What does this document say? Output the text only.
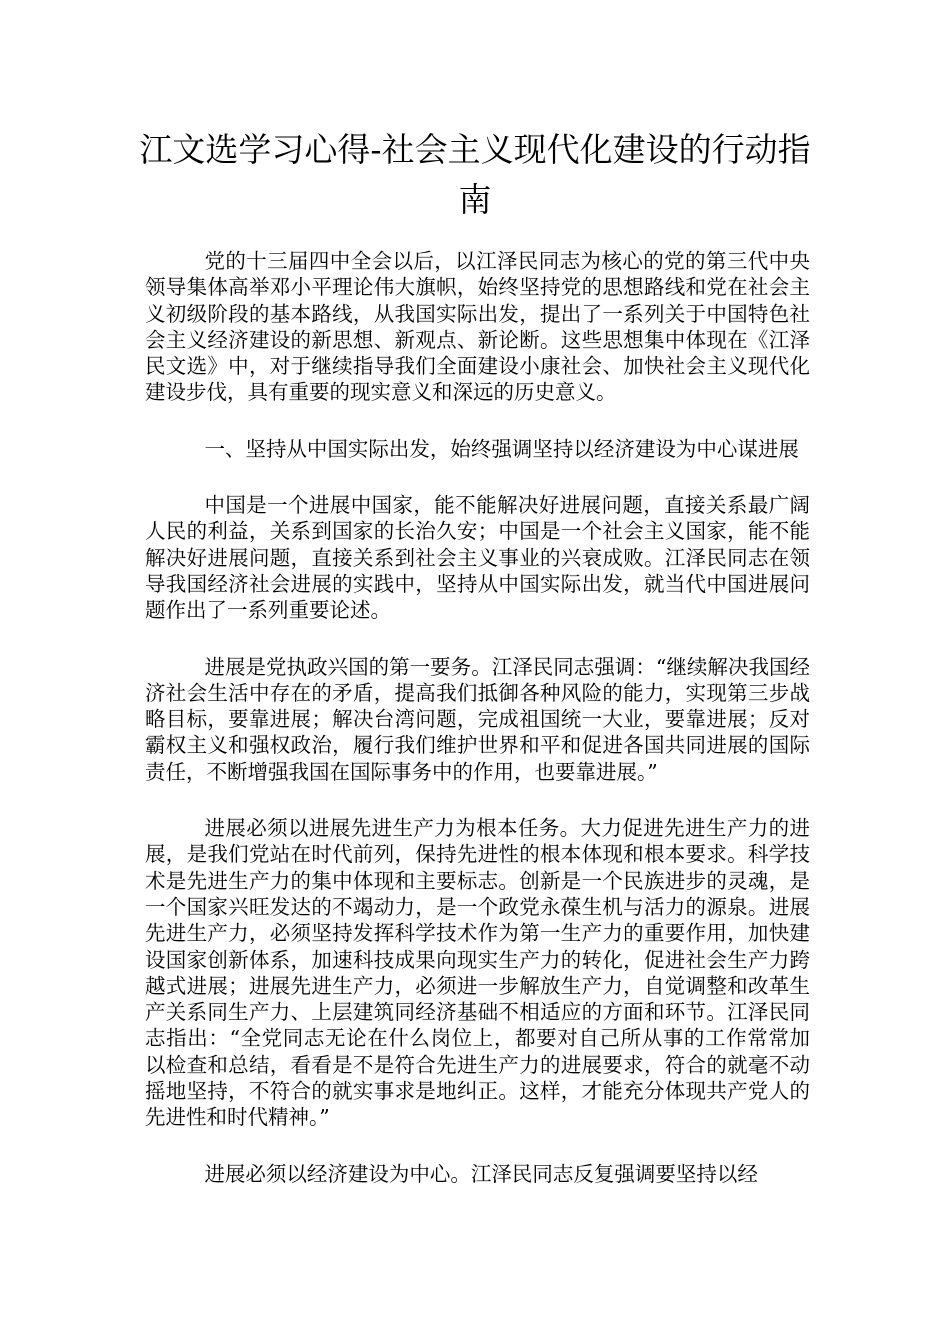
江文选学习心得-社会主义现代化建设的行动指南

党的十三届四中全会以后，以江泽民同志为核心的党的第三代中央领导集体高举邓小平理论伟大旗帜，始终坚持党的思想路线和党在社会主义初级阶段的基本路线，从我国实际出发，提出了一系列关于中国特色社会主义经济建设的新思想、新观点、新论断。这些思想集中体现在《江泽民文选》中，对于继续指导我们全面建设小康社会、加快社会主义现代化建设步伐，具有重要的现实意义和深远的历史意义。

一、坚持从中国实际出发，始终强调坚持以经济建设为中心谋进展

中国是一个进展中国家，能不能解决好进展问题，直接关系最广阔人民的利益，关系到国家的长治久安；中国是一个社会主义国家，能不能解决好进展问题，直接关系到社会主义事业的兴衰成败。江泽民同志在领导我国经济社会进展的实践中，坚持从中国实际出发，就当代中国进展问题作出了一系列重要论述。

进展是党执政兴国的第一要务。江泽民同志强调：“继续解决我国经济社会生活中存在的矛盾，提高我们抵御各种风险的能力，实现第三步战略目标，要靠进展；解决台湾问题，完成祖国统一大业，要靠进展；反对霸权主义和强权政治，履行我们维护世界和平和促进各国共同进展的国际责任，不断增强我国在国际事务中的作用，也要靠进展。”

进展必须以进展先进生产力为根本任务。大力促进先进生产力的进展，是我们党站在时代前列，保持先进性的根本体现和根本要求。科学技术是先进生产力的集中体现和主要标志。创新是一个民族进步的灵魂，是一个国家兴旺发达的不竭动力，是一个政党永葆生机与活力的源泉。进展先进生产力，必须坚持发挥科学技术作为第一生产力的重要作用，加快建设国家创新体系，加速科技成果向现实生产力的转化，促进社会生产力跨越式进展；进展先进生产力，必须进一步解放生产力，自觉调整和改革生产关系同生产力、上层建筑同经济基础不相适应的方面和环节。江泽民同志指出：“全党同志无论在什么岗位上，都要对自己所从事的工作常常加以检查和总结，看看是不是符合先进生产力的进展要求，符合的就毫不动摇地坚持，不符合的就实事求是地纠正。这样，才能充分体现共产党人的先进性和时代精神。”

进展必须以经济建设为中心。江泽民同志反复强调要坚持以经
